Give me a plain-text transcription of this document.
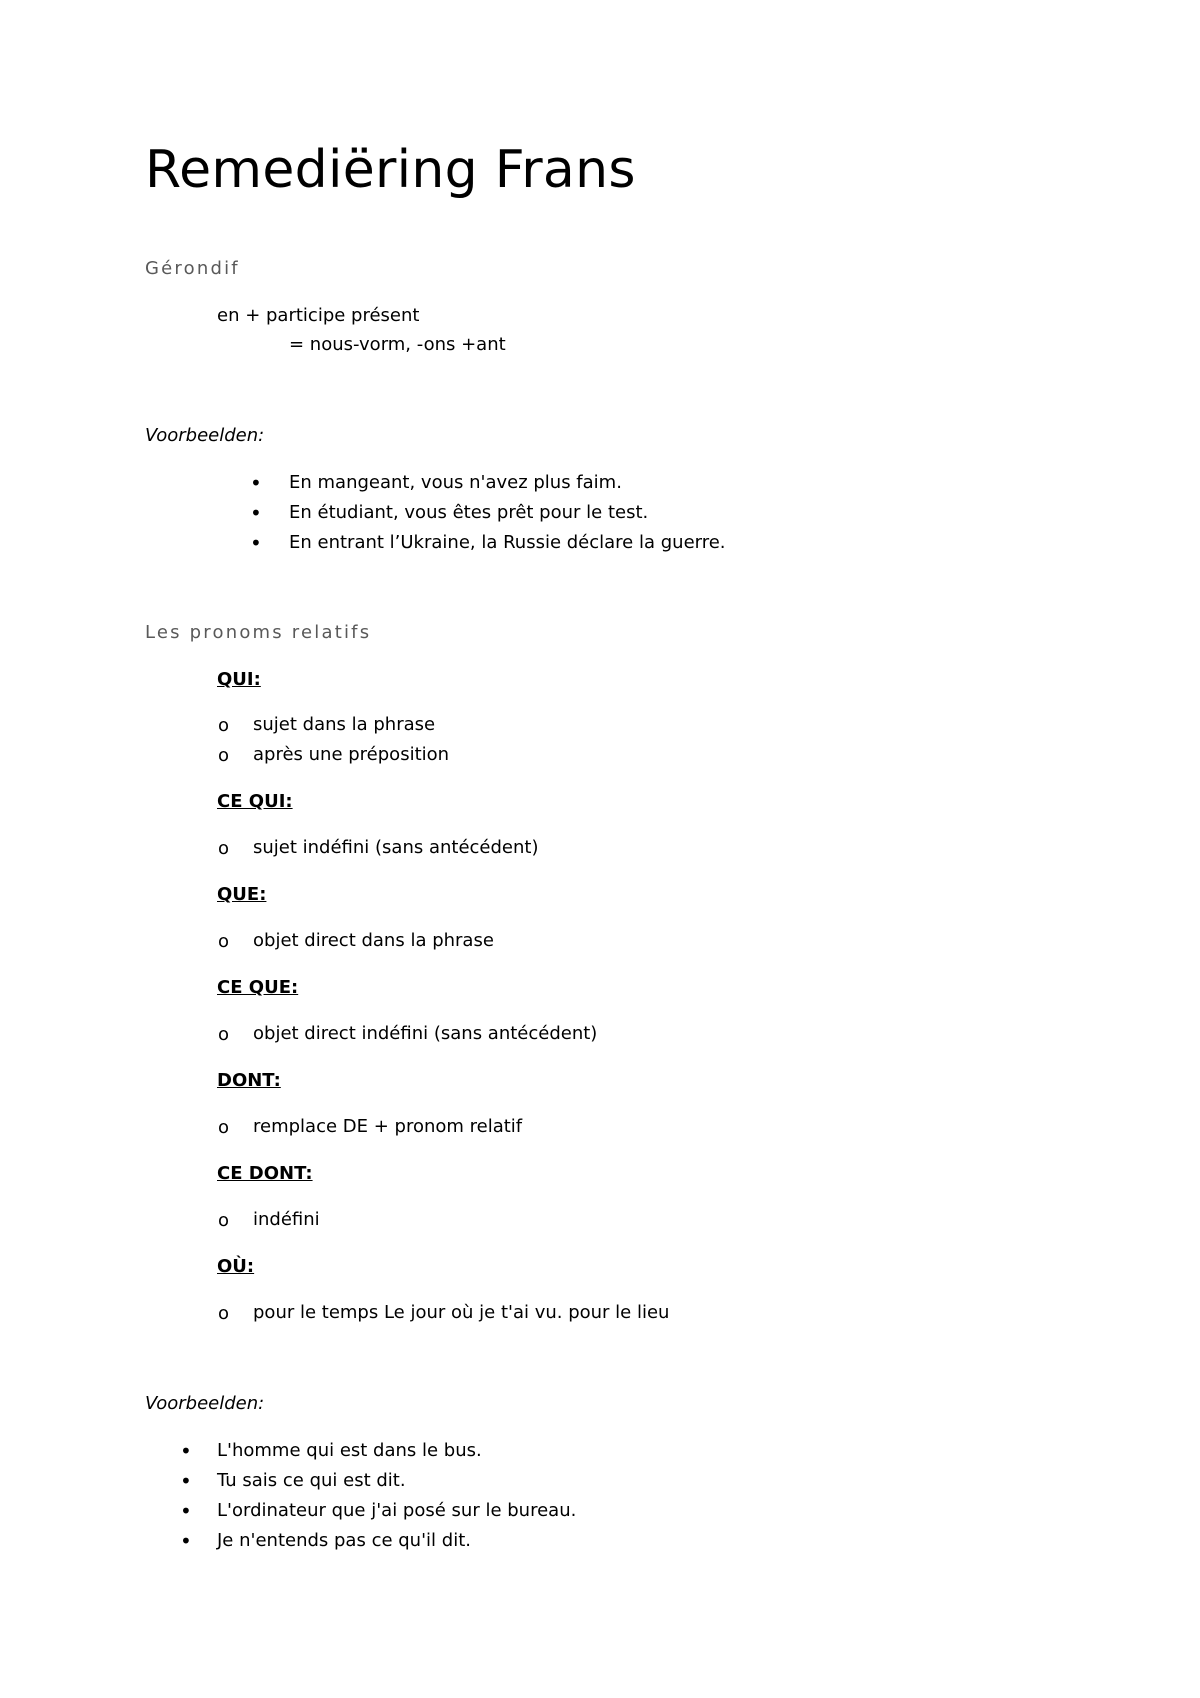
Remediëring Frans
Gérondif
en + participe présent
= nous-vorm, -ons +ant
Voorbeelden:
• En mangeant, vous n'avez plus faim.
• En étudiant, vous êtes prêt pour le test.
• En entrant l’Ukraine, la Russie déclare la guerre.
Les pronoms relatifs
QUI:
o sujet dans la phrase
o après une préposition
CE QUI:
o sujet indéfini (sans antécédent)
QUE:
o objet direct dans la phrase
CE QUE:
o objet direct indéfini (sans antécédent)
DONT:
o remplace DE + pronom relatif
CE DONT:
o indéfini
OÙ:
o pour le temps Le jour où je t'ai vu. pour le lieu
Voorbeelden:
• L'homme qui est dans le bus.
• Tu sais ce qui est dit.
• L'ordinateur que j'ai posé sur le bureau.
• Je n'entends pas ce qu'il dit.
